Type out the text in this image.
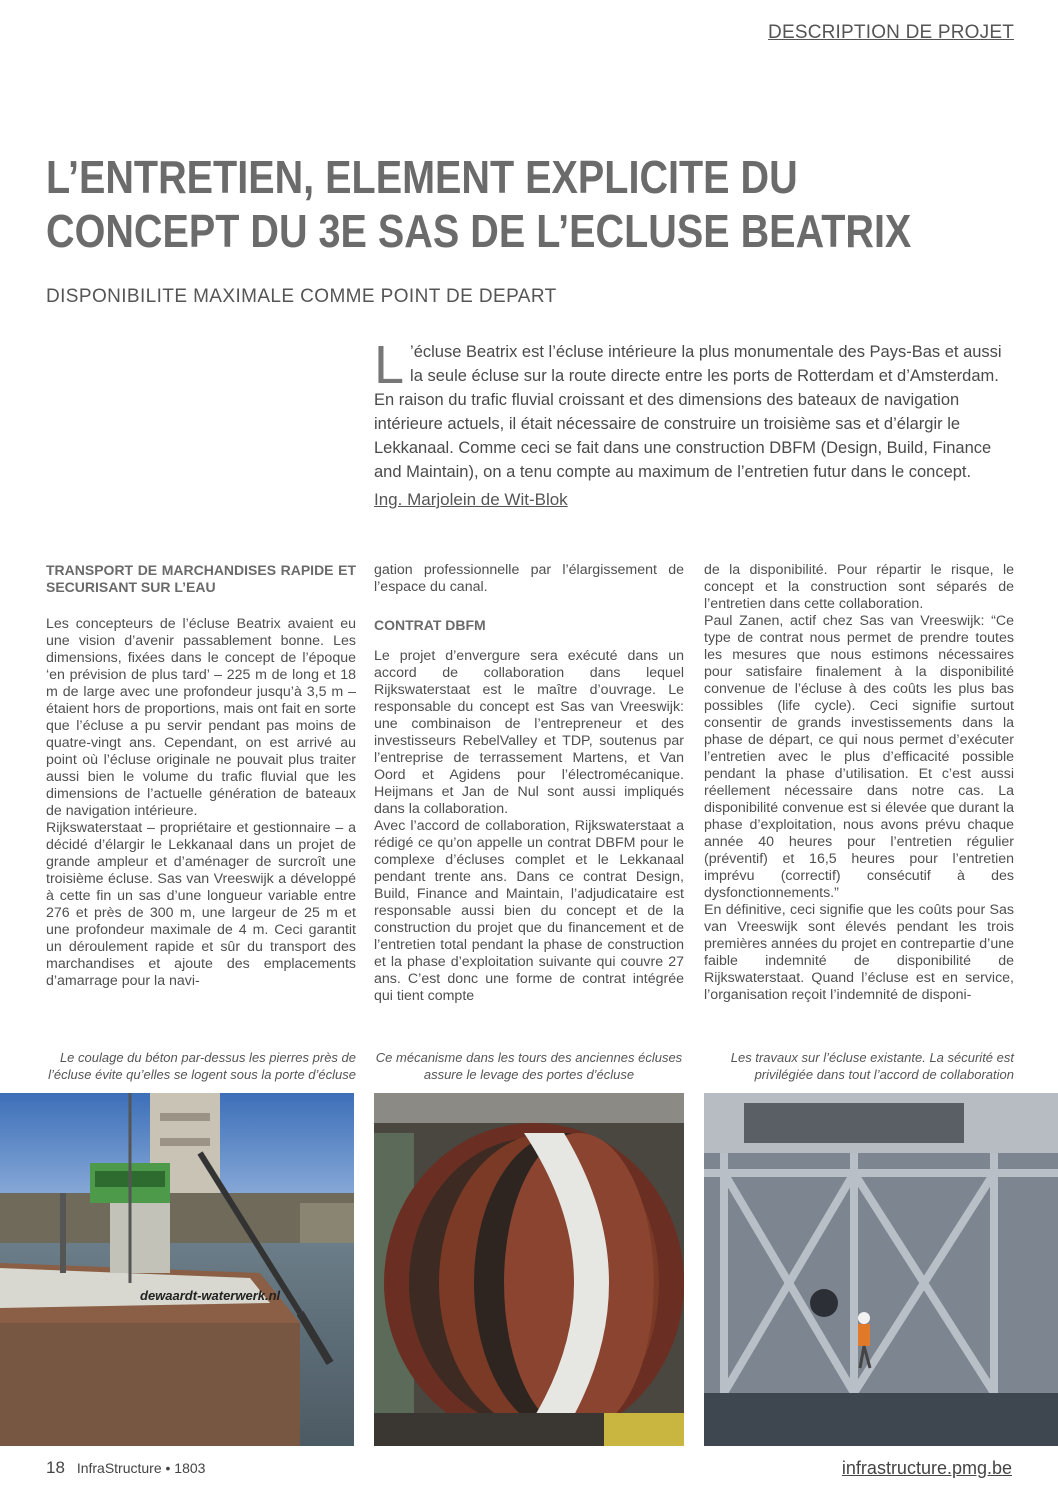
DESCRIPTION DE PROJET
L’ENTRETIEN, ELEMENT EXPLICITE DU
CONCEPT DU 3E SAS DE L’ECLUSE BEATRIX
DISPONIBILITE MAXIMALE COMME POINT DE DEPART
L ’écluse Beatrix est l’écluse intérieure la plus monumentale des Pays-Bas et aussi la seule écluse sur la route directe entre les ports de Rotterdam et d’Amsterdam. En raison du trafic fluvial croissant et des dimensions des bateaux de navigation intérieure actuels, il était nécessaire de construire un troisième sas et d’élargir le Lekkanaal. Comme ceci se fait dans une construction DBFM (Design, Build, Finance and Maintain), on a tenu compte au maximum de l’entretien futur dans le concept.
Ing. Marjolein de Wit-Blok
TRANSPORT DE MARCHANDISES RAPIDE ET SECURISANT SUR L’EAU

Les concepteurs de l’écluse Beatrix avaient eu une vision d’avenir passablement bonne. Les dimensions, fixées dans le concept de l’époque ‘en prévision de plus tard’ – 225 m de long et 18 m de large avec une profondeur jusqu’à 3,5 m – étaient hors de proportions, mais ont fait en sorte que l’écluse a pu servir pendant pas moins de quatre-vingt ans. Cependant, on est arrivé au point où l’écluse originale ne pouvait plus traiter aussi bien le volume du trafic fluvial que les dimensions de l’actuelle génération de bateaux de navigation intérieure.

Rijkswaterstaat – propriétaire et gestionnaire – a décidé d’élargir le Lekkanaal dans un projet de grande ampleur et d’aménager de surcroît une troisième écluse. Sas van Vreeswijk a développé à cette fin un sas d’une longueur variable entre 276 et près de 300 m, une largeur de 25 m et une profondeur maximale de 4 m. Ceci garantit un déroulement rapide et sûr du transport des marchandises et ajoute des emplacements d’amarrage pour la navi-

gation professionnelle par l’élargissement de l’espace du canal.

CONTRAT DBFM

Le projet d’envergure sera exécuté dans un accord de collaboration dans lequel Rijkswaterstaat est le maître d’ouvrage. Le responsable du concept est Sas van Vreeswijk: une combinaison de l’entrepreneur et des investisseurs RebelValley et TDP, soutenus par l’entreprise de terrassement Martens, et Van Oord et Agidens pour l’électromécanique. Heijmans et Jan de Nul sont aussi impliqués dans la collaboration.

Avec l’accord de collaboration, Rijkswaterstaat a rédigé ce qu’on appelle un contrat DBFM pour le complexe d’écluses complet et le Lekkanaal pendant trente ans. Dans ce contrat Design, Build, Finance and Maintain, l’adjudicataire est responsable aussi bien du concept et de la construction du projet que du financement et de l’entretien total pendant la phase de construction et la phase d’exploitation suivante qui couvre 27 ans. C’est donc une forme de contrat intégrée qui tient compte

de la disponibilité. Pour répartir le risque, le concept et la construction sont séparés de l’entretien dans cette collaboration.

Paul Zanen, actif chez Sas van Vreeswijk: “Ce type de contrat nous permet de prendre toutes les mesures que nous estimons nécessaires pour satisfaire finalement à la disponibilité convenue de l’écluse à des coûts les plus bas possibles (life cycle). Ceci signifie surtout consentir de grands investissements dans la phase de départ, ce qui nous permet d’exécuter l’entretien avec le plus d’efficacité possible pendant la phase d’utilisation. Et c’est aussi réellement nécessaire dans notre cas. La disponibilité convenue est si élevée que durant la phase d’exploitation, nous avons prévu chaque année 40 heures pour l’entretien régulier (préventif) et 16,5 heures pour l’entretien imprévu (correctif) consécutif à des dysfonctionnements.”

En définitive, ceci signifie que les coûts pour Sas van Vreeswijk sont élevés pendant les trois premières années du projet en contrepartie d’une faible indemnité de disponibilité de Rijkswaterstaat. Quand l’écluse est en service, l’organisation reçoit l’indemnité de disponi-

Le coulage du béton par-dessus les pierres près de l’écluse évite qu’elles se logent sous la porte d’écluse
Ce mécanisme dans les tours des anciennes écluses assure le levage des portes d’écluse
Les travaux sur l’écluse existante. La sécurité est privilégiée dans tout l’accord de collaboration
dewaardt-waterwerk.nl
18 InfraStructure • 1803	infrastructure.pmg.be
